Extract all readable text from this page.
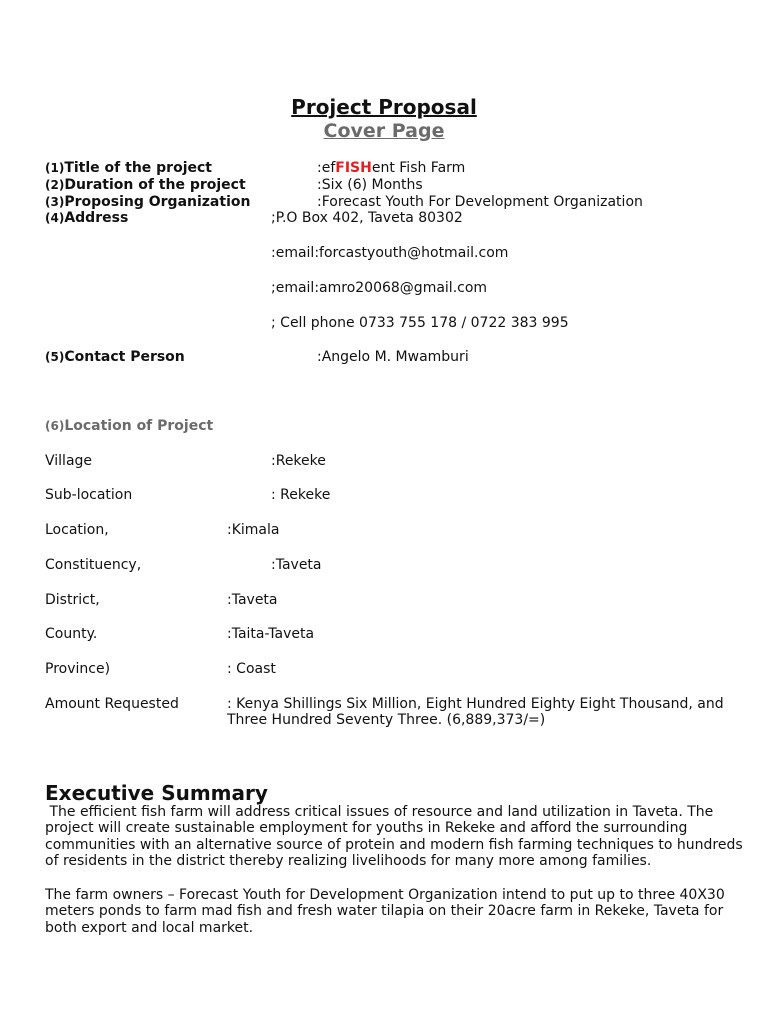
Project Proposal
Cover Page
(1)Title of the project	:efFISHent Fish Farm
(2)Duration of the project	:Six (6) Months
(3)Proposing Organization	:Forecast Youth For Development Organization
(4)Address	;P.O Box 402, Taveta 80302
:email:forcastyouth@hotmail.com
;email:amro20068@gmail.com
; Cell phone 0733 755 178 / 0722 383 995
(5)Contact Person	:Angelo M. Mwamburi
(6)Location of Project
Village	:Rekeke
Sub-location	: Rekeke
Location,	:Kimala
Constituency,	:Taveta
District,	:Taveta
County.	:Taita-Taveta
Province)	: Coast
Amount Requested	: Kenya Shillings Six Million, Eight Hundred Eighty Eight Thousand, and Three Hundred Seventy Three. (6,889,373/=)
Executive Summary
The efficient fish farm will address critical issues of resource and land utilization in Taveta. The project will create sustainable employment for youths in Rekeke and afford the surrounding communities with an alternative source of protein and modern fish farming techniques to hundreds of residents in the district thereby realizing livelihoods for many more among families.
The farm owners – Forecast Youth for Development Organization intend to put up to three 40X30 meters ponds to farm mad fish and fresh water tilapia on their 20acre farm in Rekeke, Taveta for both export and local market.
